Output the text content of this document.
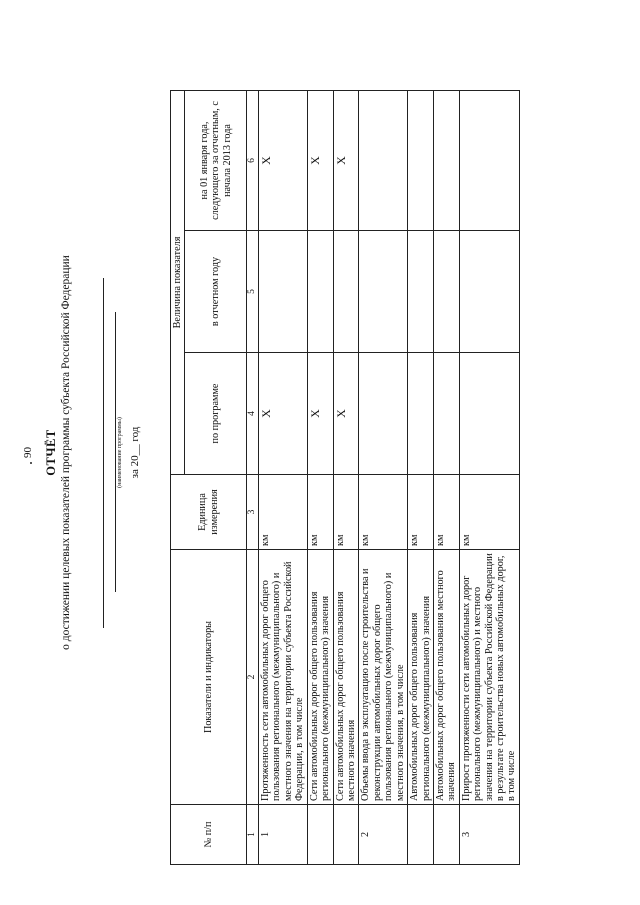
90 ОТЧЁТ о достижении целевых показателей программы субъекта Российской Федерации	(наименование программы) за 20__ год
№ п/п	Показатели и индикаторы	Единица измерения	Величина показателя		
			по программе	в отчетном году	на 01 января года, следующего за отчетным, с начала 2013 года
1	2	3	4	5	6
1	Протяженность сети автомобильных дорог общего пользования регионального (межмуниципального) и местного значения на территории субъекта Российской Федерации, в том числе	км	X		X
	Сети автомобильных дорог общего пользования регионального (межмуниципального) значения	км	X		X
	Сети автомобильных дорог общего пользования местного значения	км	X		X
2	Объемы ввода в эксплуатацию после строительства и реконструкции автомобильных дорог общего пользования регионального (межмуниципального) и местного значения, в том числе	км			
	Автомобильных дорог общего пользования регионального (межмуниципального) значения	км			
	Автомобильных дорог общего пользования местного значения	км			
3	Прирост протяженности сети автомобильных дорог регионального (межмуниципального) и местного значения на территории субъекта Российской Федерации в результате строительства новых автомобильных дорог, в том числе	км			
